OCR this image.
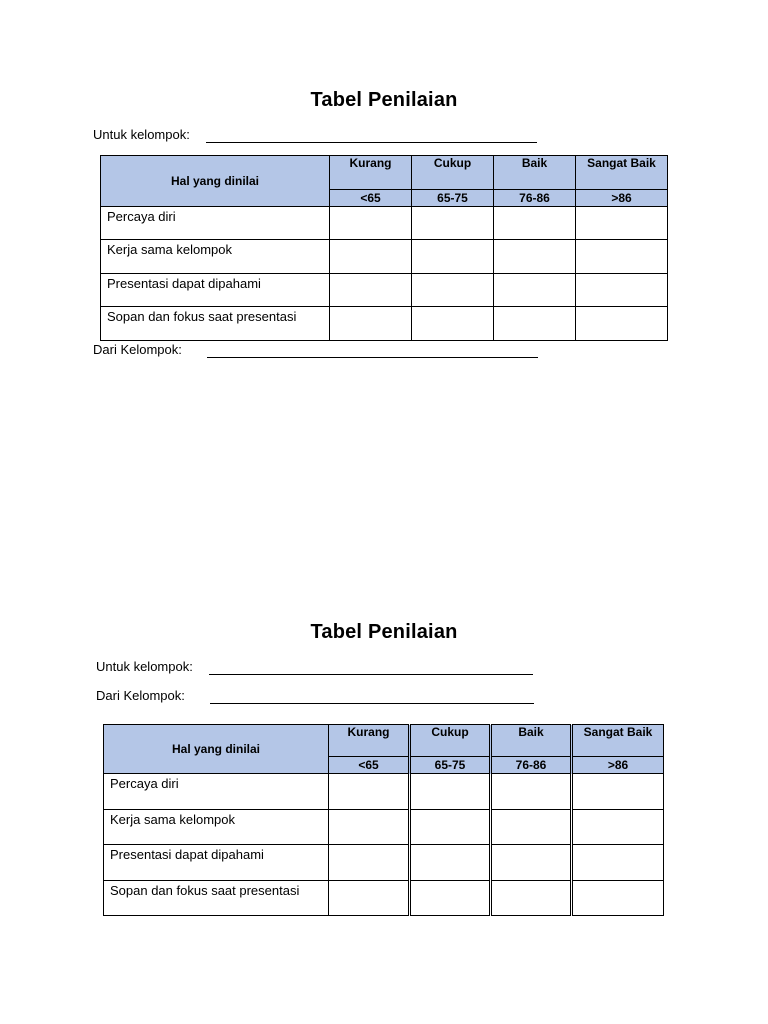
Tabel Penilaian
Untuk kelompok:
Hal yang dinilai	Kurang	Cukup	Baik	Sangat Baik
	<65	65-75	76-86	>86
Percaya diri				
Kerja sama kelompok				
Presentasi dapat dipahami				
Sopan dan fokus saat presentasi				
Dari Kelompok:
Tabel Penilaian
Untuk kelompok:
Dari Kelompok:
Hal yang dinilai	Kurang	Cukup	Baik	Sangat Baik
	<65	65-75	76-86	>86
Percaya diri				
Kerja sama kelompok				
Presentasi dapat dipahami				
Sopan dan fokus saat presentasi				
